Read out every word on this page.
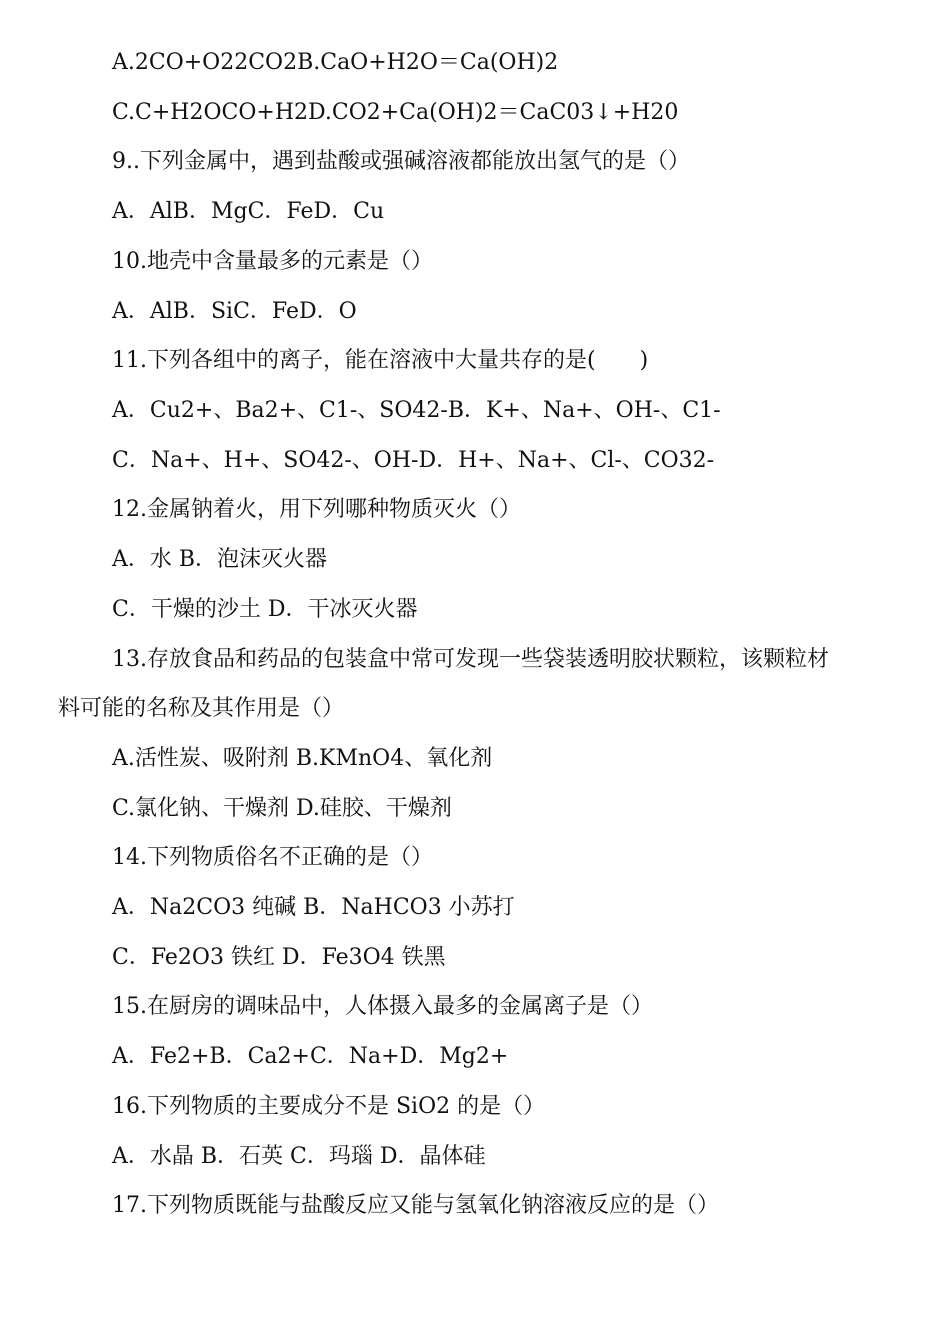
A.2CO+O22CO2B.CaO+H2O＝Ca(OH)2
C.C+H2OCO+H2D.CO2+Ca(OH)2＝CaC03↓+H20
9..下列金属中，遇到盐酸或强碱溶液都能放出氢气的是（）
A．AlB．MgC．FeD．Cu
10.地壳中含量最多的元素是（）
A．AlB．SiC．FeD．O
11.下列各组中的离子，能在溶液中大量共存的是(　　)
A．Cu2+、Ba2+、C1-、SO42-B．K+、Na+、OH-、C1-
C．Na+、H+、SO42-、OH-D．H+、Na+、Cl-、CO32-
12.金属钠着火，用下列哪种物质灭火（）
A．水 B．泡沫灭火器
C．干燥的沙土 D．干冰灭火器
13.存放食品和药品的包装盒中常可发现一些袋装透明胶状颗粒，该颗粒材
料可能的名称及其作用是（）
A.活性炭、吸附剂 B.KMnO4、氧化剂
C.氯化钠、干燥剂 D.硅胶、干燥剂
14.下列物质俗名不正确的是（）
A．Na2CO3 纯碱 B．NaHCO3 小苏打
C．Fe2O3 铁红 D．Fe3O4 铁黑
15.在厨房的调味品中，人体摄入最多的金属离子是（）
A．Fe2+B．Ca2+C．Na+D．Mg2+
16.下列物质的主要成分不是 SiO2 的是（）
A．水晶 B．石英 C．玛瑙 D．晶体硅
17.下列物质既能与盐酸反应又能与氢氧化钠溶液反应的是（）
